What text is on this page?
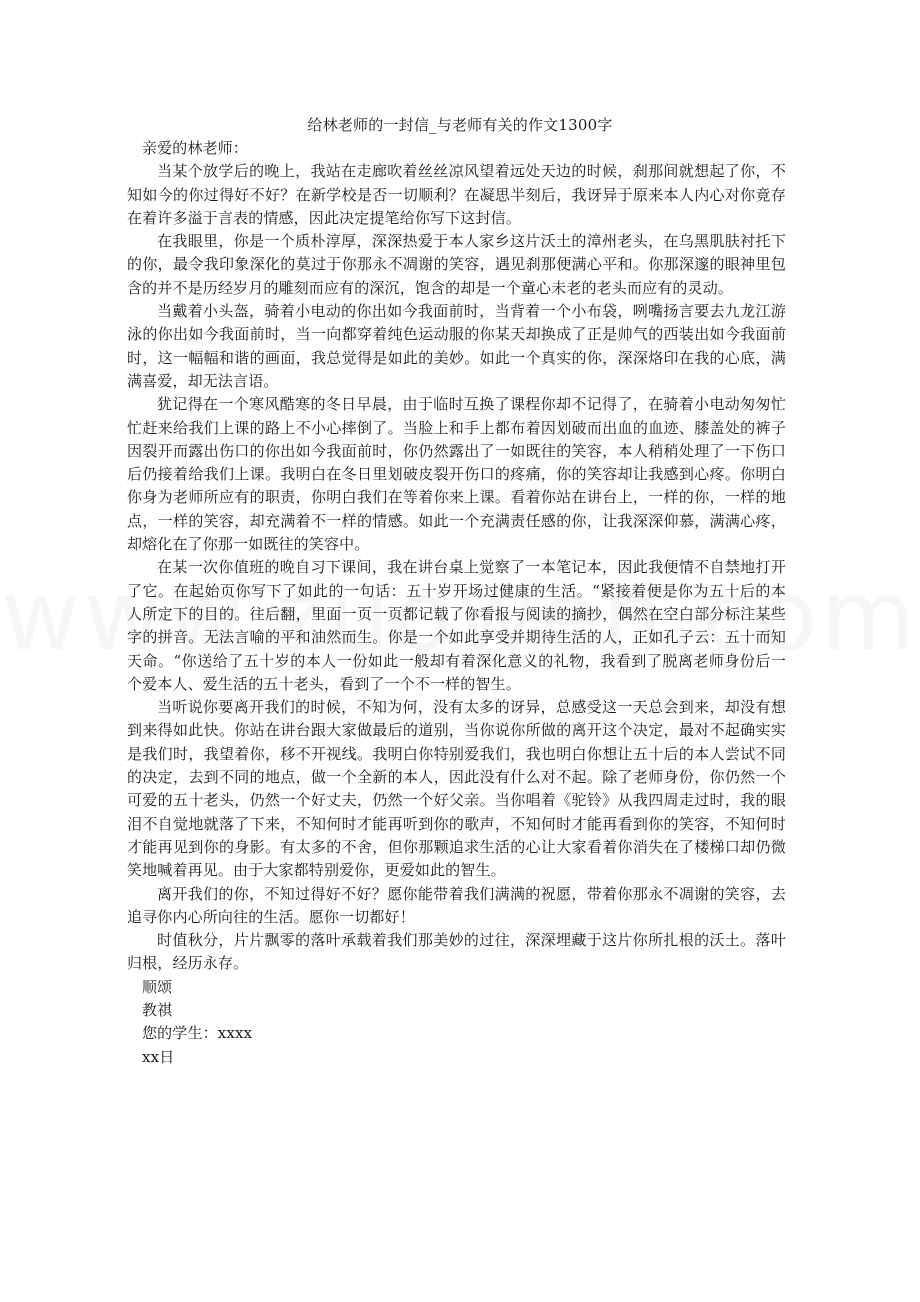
给林老师的一封信_与老师有关的作文1300字

亲爱的林老师：

当某个放学后的晚上，我站在走廊吹着丝丝凉风望着远处天边的时候，刹那间就想起了你，不知如今的你过得好不好？在新学校是否一切顺利？在凝思半刻后，我讶异于原来本人内心对你竟存在着许多溢于言表的情感，因此决定提笔给你写下这封信。

在我眼里，你是一个质朴淳厚，深深热爱于本人家乡这片沃土的漳州老头，在乌黑肌肤衬托下的你，最令我印象深化的莫过于你那永不凋谢的笑容，遇见刹那便满心平和。你那深邃的眼神里包含的并不是历经岁月的雕刻而应有的深沉，饱含的却是一个童心未老的老头而应有的灵动。

当戴着小头盔，骑着小电动的你出如今我面前时，当背着一个小布袋，咧嘴扬言要去九龙江游泳的你出如今我面前时，当一向都穿着纯色运动服的你某天却换成了正是帅气的西装出如今我面前时，这一幅幅和谐的画面，我总觉得是如此的美妙。如此一个真实的你，深深烙印在我的心底，满满喜爱，却无法言语。

犹记得在一个寒风酷寒的冬日早晨，由于临时互换了课程你却不记得了，在骑着小电动匆匆忙忙赶来给我们上课的路上不小心摔倒了。当脸上和手上都布着因划破而出血的血迹、膝盖处的裤子因裂开而露出伤口的你出如今我面前时，你仍然露出了一如既往的笑容，本人稍稍处理了一下伤口后仍接着给我们上课。我明白在冬日里划破皮裂开伤口的疼痛，你的笑容却让我感到心疼。你明白你身为老师所应有的职责，你明白我们在等着你来上课。看着你站在讲台上，一样的你，一样的地点，一样的笑容，却充满着不一样的情感。如此一个充满责任感的你，让我深深仰慕，满满心疼，却熔化在了你那一如既往的笑容中。

在某一次你值班的晚自习下课间，我在讲台桌上觉察了一本笔记本，因此我便情不自禁地打开了它。在起始页你写下了如此的一句话：五十岁开场过健康的生活。“紧接着便是你为五十后的本人所定下的目的。往后翻，里面一页一页都记载了你看报与阅读的摘抄，偶然在空白部分标注某些字的拼音。无法言喻的平和油然而生。你是一个如此享受并期待生活的人，正如孔子云：五十而知天命。“你送给了五十岁的本人一份如此一般却有着深化意义的礼物，我看到了脱离老师身份后一个爱本人、爱生活的五十老头，看到了一个不一样的智生。

当听说你要离开我们的时候，不知为何，没有太多的讶异，总感受这一天总会到来，却没有想到来得如此快。你站在讲台跟大家做最后的道别，当你说你所做的离开这个决定，最对不起确实实是我们时，我望着你，移不开视线。我明白你特别爱我们，我也明白你想让五十后的本人尝试不同的决定，去到不同的地点，做一个全新的本人，因此没有什么对不起。除了老师身份，你仍然一个可爱的五十老头，仍然一个好丈夫，仍然一个好父亲。当你唱着《驼铃》从我四周走过时，我的眼泪不自觉地就落了下来，不知何时才能再听到你的歌声，不知何时才能再看到你的笑容，不知何时才能再见到你的身影。有太多的不舍，但你那颗追求生活的心让大家看着你消失在了楼梯口却仍微笑地喊着再见。由于大家都特别爱你，更爱如此的智生。

离开我们的你，不知过得好不好？愿你能带着我们满满的祝愿，带着你那永不凋谢的笑容，去追寻你内心所向往的生活。愿你一切都好！

时值秋分，片片飘零的落叶承载着我们那美妙的过往，深深埋藏于这片你所扎根的沃土。落叶归根，经历永存。

顺颂

教祺

您的学生：xxxx

xx日
